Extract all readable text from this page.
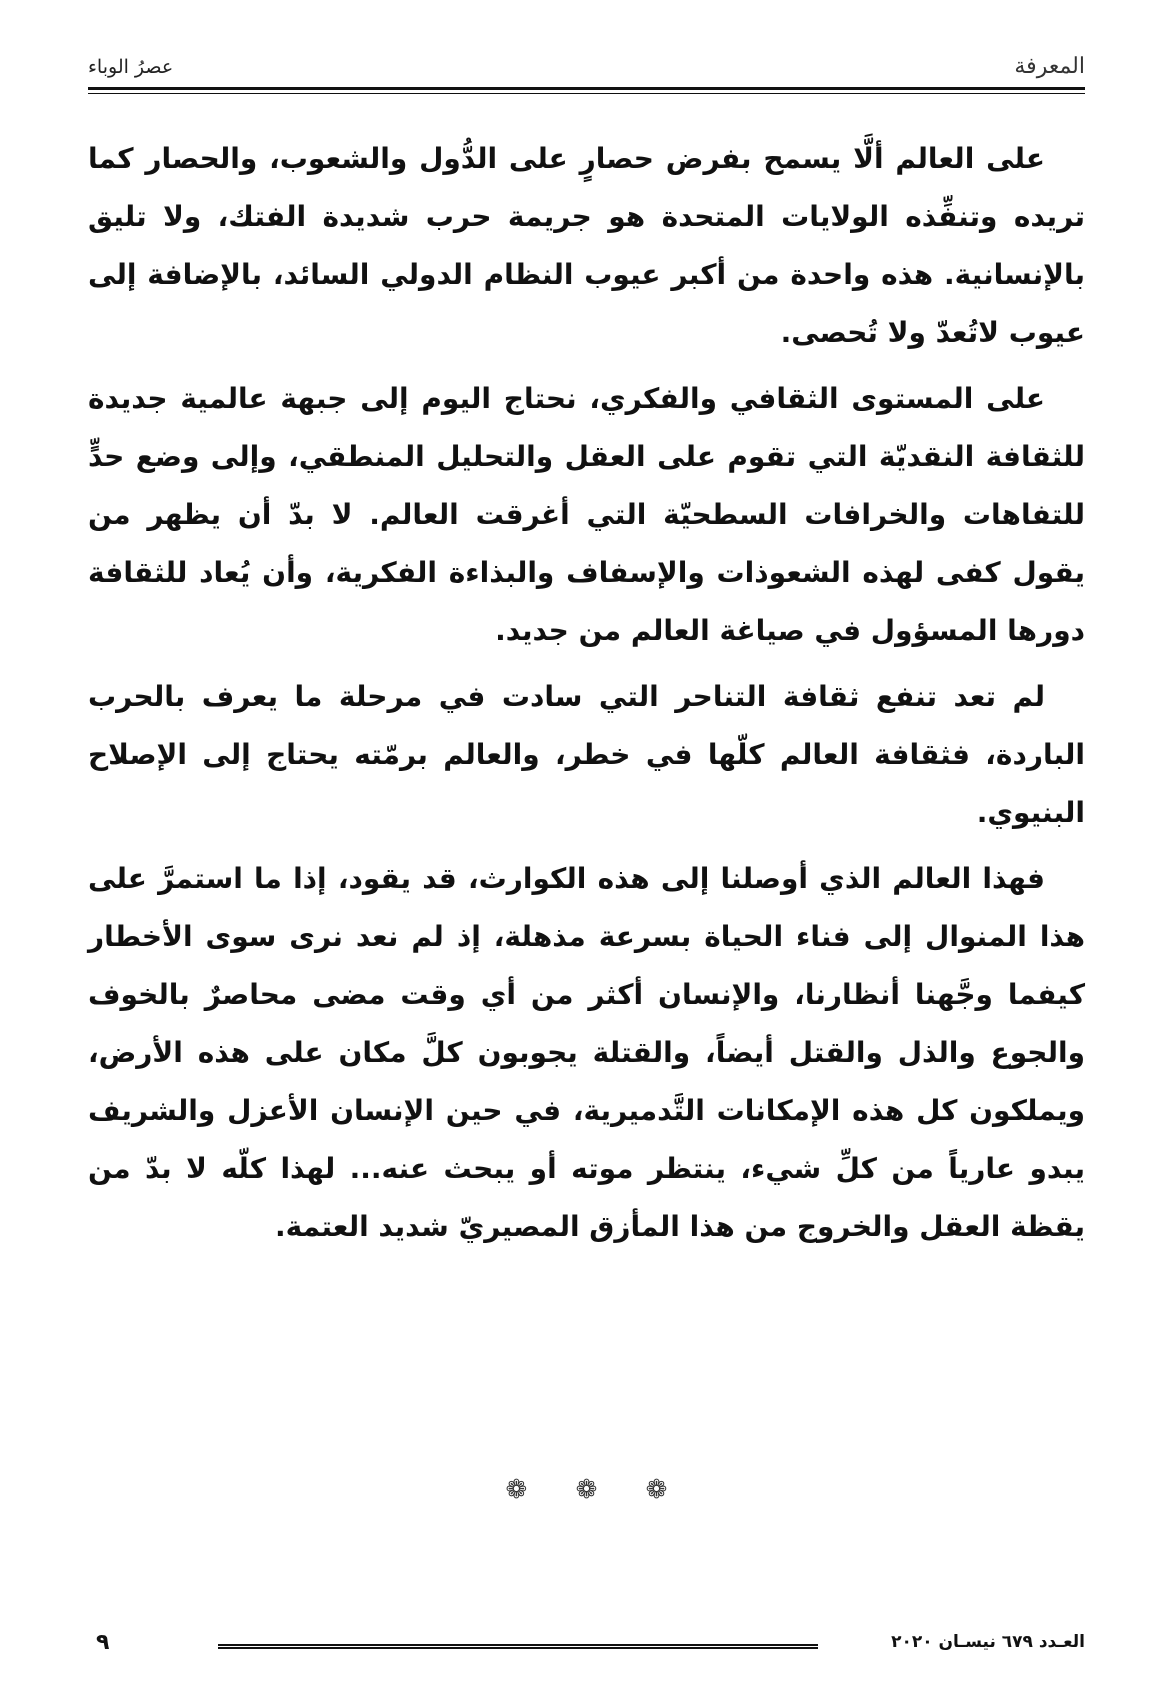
المعرفة
عصرُ الوباء

على العالم ألَّا يسمح بفرض حصارٍ على الدُّول والشعوب، والحصار كما تريده وتنفِّذه الولايات المتحدة هو جريمة حرب شديدة الفتك، ولا تليق بالإنسانية. هذه واحدة من أكبر عيوب النظام الدولي السائد، بالإضافة إلى عيوب لاتُعدّ ولا تُحصى.

على المستوى الثقافي والفكري، نحتاج اليوم إلى جبهة عالمية جديدة للثقافة النقديّة التي تقوم على العقل والتحليل المنطقي، وإلى وضع حدٍّ للتفاهات والخرافات السطحيّة التي أغرقت العالم. لا بدّ أن يظهر من يقول كفى لهذه الشعوذات والإسفاف والبذاءة الفكرية، وأن يُعاد للثقافة دورها المسؤول في صياغة العالم من جديد.

لم تعد تنفع ثقافة التناحر التي سادت في مرحلة ما يعرف بالحرب الباردة، فثقافة العالم كلّها في خطر، والعالم برمّته يحتاج إلى الإصلاح البنيوي.

فهذا العالم الذي أوصلنا إلى هذه الكوارث، قد يقود، إذا ما استمرَّ على هذا المنوال إلى فناء الحياة بسرعة مذهلة، إذ لم نعد نرى سوى الأخطار كيفما وجَّهنا أنظارنا، والإنسان أكثر من أي وقت مضى محاصرٌ بالخوف والجوع والذل والقتل أيضاً، والقتلة يجوبون كلَّ مكان على هذه الأرض، ويملكون كل هذه الإمكانات التَّدميرية، في حين الإنسان الأعزل والشريف يبدو عارياً من كلِّ شيء، ينتظر موته أو يبحث عنه... لهذا كلّه لا بدّ من يقظة العقل والخروج من هذا المأزق المصيريّ شديد العتمة.

❁ ❁ ❁
العـدد ٦٧٩ نيسـان ٢٠٢٠
٩
